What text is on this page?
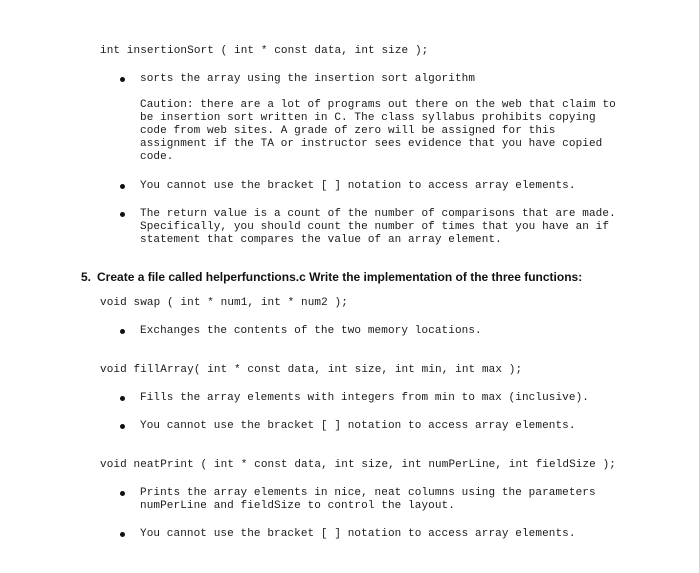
int insertionSort ( int * const data, int size );
sorts the array using the insertion sort algorithm
Caution: there are a lot of programs out there on the web that claim to
be insertion sort written in C. The class syllabus prohibits copying
code from web sites. A grade of zero will be assigned for this
assignment if the TA or instructor sees evidence that you have copied
code.
You cannot use the bracket [ ] notation to access array elements.
The return value is a count of the number of comparisons that are made.
Specifically, you should count the number of times that you have an if
statement that compares the value of an array element.
5. Create a file called helperfunctions.c Write the implementation of the three functions:
void swap ( int * num1, int * num2 );
Exchanges the contents of the two memory locations.
void fillArray( int * const data, int size, int min, int max );
Fills the array elements with integers from min to max (inclusive).
You cannot use the bracket [ ] notation to access array elements.
void neatPrint ( int * const data, int size, int numPerLine, int fieldSize );
Prints the array elements in nice, neat columns using the parameters
numPerLine and fieldSize to control the layout.
You cannot use the bracket [ ] notation to access array elements.
